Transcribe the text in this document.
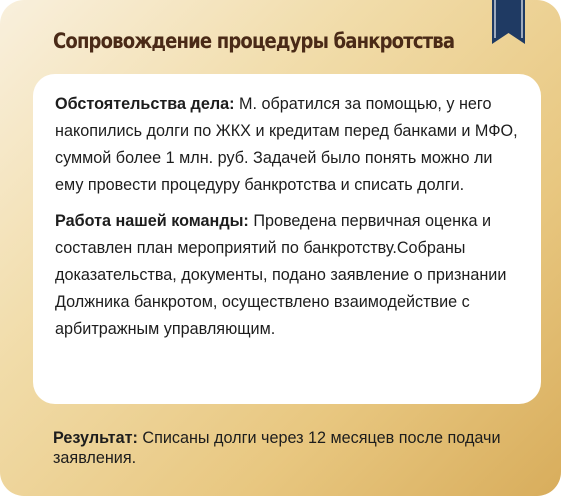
Сопровождение процедуры банкротства

Обстоятельства дела: М. обратился за помощью, у него накопились долги по ЖКХ и кредитам перед банками и МФО, суммой более 1 млн. руб. Задачей было понять можно ли ему провести процедуру банкротства и списать долги.

Работа нашей команды: Проведена первичная оценка и составлен план мероприятий по банкротству.Собраны доказательства, документы, подано заявление о признании Должника банкротом, осуществлено взаимодействие с арбитражным управляющим.

Результат: Списаны долги через 12 месяцев после подачи заявления.
